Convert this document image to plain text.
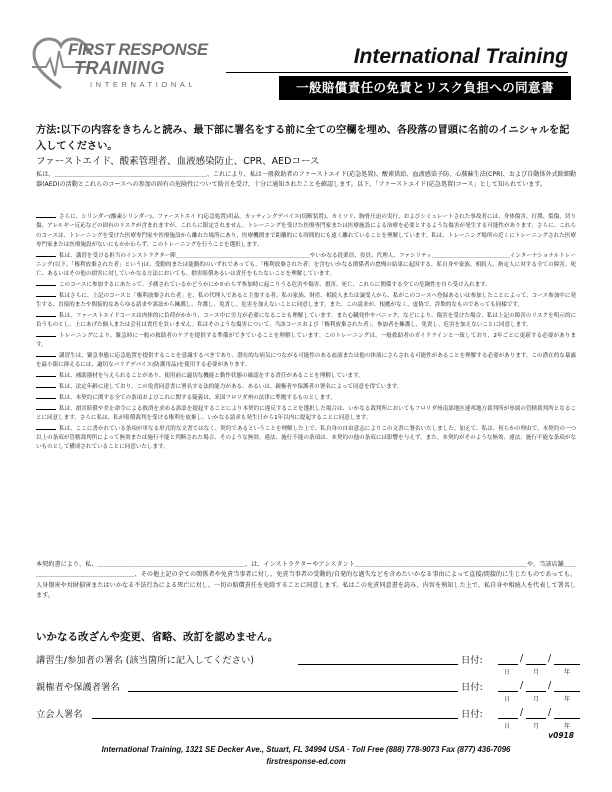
FIRST RESPONSE
TRAINING
INTERNATIONAL
International Training
一般賠償責任の免責とリスク負担への同意書
方法:以下の内容をきちんと読み、最下部に署名をする前に全ての空欄を埋め、各段落の冒頭に名前のイニシャルを記入してください。
ファーストエイド、酸素管理者、血液感染防止、CPR、AEDコース
私は、＿＿＿＿＿＿＿＿＿＿＿＿＿＿＿＿＿＿＿＿＿＿＿＿＿、これにより、私は一般救助者のファーストエイド(応急処置)、酸素供給、血液感染予防、心肺蘇生法(CPR)、および自動体外式除細動器(AED)の活動とこれらのコースへの参加の固有の危険性について助言を受け、十分に通知されたことを確認します。以下、「ファーストエイド(応急処置)コース」として知られています。
さらに、シリンダー(酸素シリンダー)、ファーストエイド(応急処置)用品、カッティングデバイス(切断装置)、カミソリ、胸骨圧迫の実行、およびシミュレートされた事故者には、身体傷害、打撲、裂傷、切り傷、アレルギー反応などの固有のリスクが含まれますが、これらに限定されません。トレーニングを受けた医療専門家または医療施設による治療を必要とするような傷害が発生する可能性があります。さらに、これらのコースは、トレーニングを受けた医療専門家や医療施設から離れた場所にあり、医療機関まで距離的にも時間的にも遠く離れていることを理解しています。私は、トレーニング場所の近くにトレーニングされた医療専門家または医療施設がないにもかかわらず、このトレーニングを行うことを選択します。
私は、講習を受ける担当のインストラクター陣＿＿＿＿＿＿＿＿＿＿＿＿＿＿＿＿＿＿＿＿＿＿＿＿やいかなる従業員、役員、代理人、ファシリティ＿＿＿＿＿＿＿＿＿＿＿＿＿＿インターナショナルトレーニング(以下、「権利放棄された者」という)は、受動的または能動的のいずれであっても、「権利放棄された者」を含むいかなる関係者の怠慢の結果に起因する、私自身や家族、相続人、指定人に対する全ての障害、死亡、あるいはその他の損害に対していかなる方法においても、損害賠償あるいは責任をもたないことを理解しています。
このコースに参加するにあたって、予測されているかどうかにかかわらず参加時に起こりうる危害や傷害、損害、死亡、これらに関係する全ての危険性を自ら受け入れます。
私はさらに、上記のコースと「権利放棄された者」を、私の代理人であると主張する者、私の家族、財産、相続人または譲受人から、私がこのコースへ登録あるいは参加したことによって、コース参加中に発生する、直接的またや間接的なあらゆる請求や訴訟から擁護し、弁護し、免責し、危害を加えないことに同意します。また、この請求が、根拠がなく、虚偽で、詐欺的なものであっても同様です。
私は、ファーストエイドコースは肉体的に負荷がかかり、コース中に労力が必要になることも理解しています。また心臓発作やパニック、などにより、傷害を受けた場合、私は上記の障害のリスクを明示的に負うものとし、上にあげた個人または会社は責任を負いません。私はそのような傷害について、当該コースおよび「権利放棄された者」、参加者を擁護し、免責し、危害を加えないことに同意します。
トレーニングにより、緊急時に一般の救助者のケアを提供する準備ができていることを理解しています。このトレーニングは、一般救助者のガイドラインと一致しており、2年ごとに更新する必要があります。
講習生は、緊急事態に応急処置を提供することを意識するべきであり、潜在的な病気につながる可能性のある血液または他の体液にさらされる可能性があることを理解する必要があります。この潜在的な暴露を最小限に抑えるには、適切なバリアデバイス(防護用品)を使用する必要があります。
私は、補助器材を与えられることがあり、使用前に適切な機能と動作状態の確認をする責任があることを理解しています。
私は、法定年齢に達しており、この免責同意書に署名する法的能力がある、あるいは、親権者や保護者の署名によって同意を得ています。
私は、本契約に関する全ての条項およびこれに関する疑義は、米国フロリダ州の法律に準拠するものとします。
私は、損害賠償や差止命令による救済を求める訴訟を提起することにより本契約に違反することを選択した場合は、いかなる裁判所においてもフロリダ州南部地区連邦地方裁判所が専属の管轄裁判所となることに同意します。さらに私は、私が賠償裁判を受ける権利を放棄し、いかなる請求も発生日から1年以内に提起することに同意します。
私は、ここに書かれている条項が単なる形式的な文書ではなく、契約であるということを理解した上で、私自身の自由意志によりこの文書に署名いたしました。加えて、私は、何らかの理由で、本契約の一つ以上の条項が管轄裁判所によって無効または施行不能と判断された場合、そのような無効、違法、施行不能の条項は、本契約の他の条項には影響を与えず、また、本契約がそのような無効、違法、施行不能な条項がないものとして構成されていることに同意いたします。
本契約書により、私、＿＿＿＿＿＿＿＿＿＿＿＿＿＿＿＿＿＿＿＿＿＿＿＿、は、インストラクターやアシスタント＿＿＿＿＿＿＿＿＿＿＿＿＿＿＿＿＿＿＿＿＿＿＿＿＿＿＿＿や、当該店舗＿＿＿＿＿＿＿＿＿＿＿＿＿＿＿＿＿＿、その他上記の全ての関係者や免責当事者に対し、免責当事者の受動的/自発的な過失などを含めたいかなる事由によって直接/間接的に生じたものであっても、人身傷害や対財損害またはいかなる不法行為による死亡に対し、一切の賠償責任を免除することに同意します。私はこの免責同意書を読み、内容を熟知した上で、私自身や相続人を代表して署名します。
いかなる改ざんや変更、省略、改訂を認めません。
講習生/参加者の署名 (該当箇所に記入してください)	日付:	/	/
日	月	年
親権者や保護者署名	日付:	/	/
日	月	年
立会人署名	日付:	/	/
日	月	年
v0918
International Training, 1321 SE Decker Ave., Stuart, FL 34994 USA · Toll Free (888) 778-9073 Fax (877) 436-7096
firstresponse-ed.com
